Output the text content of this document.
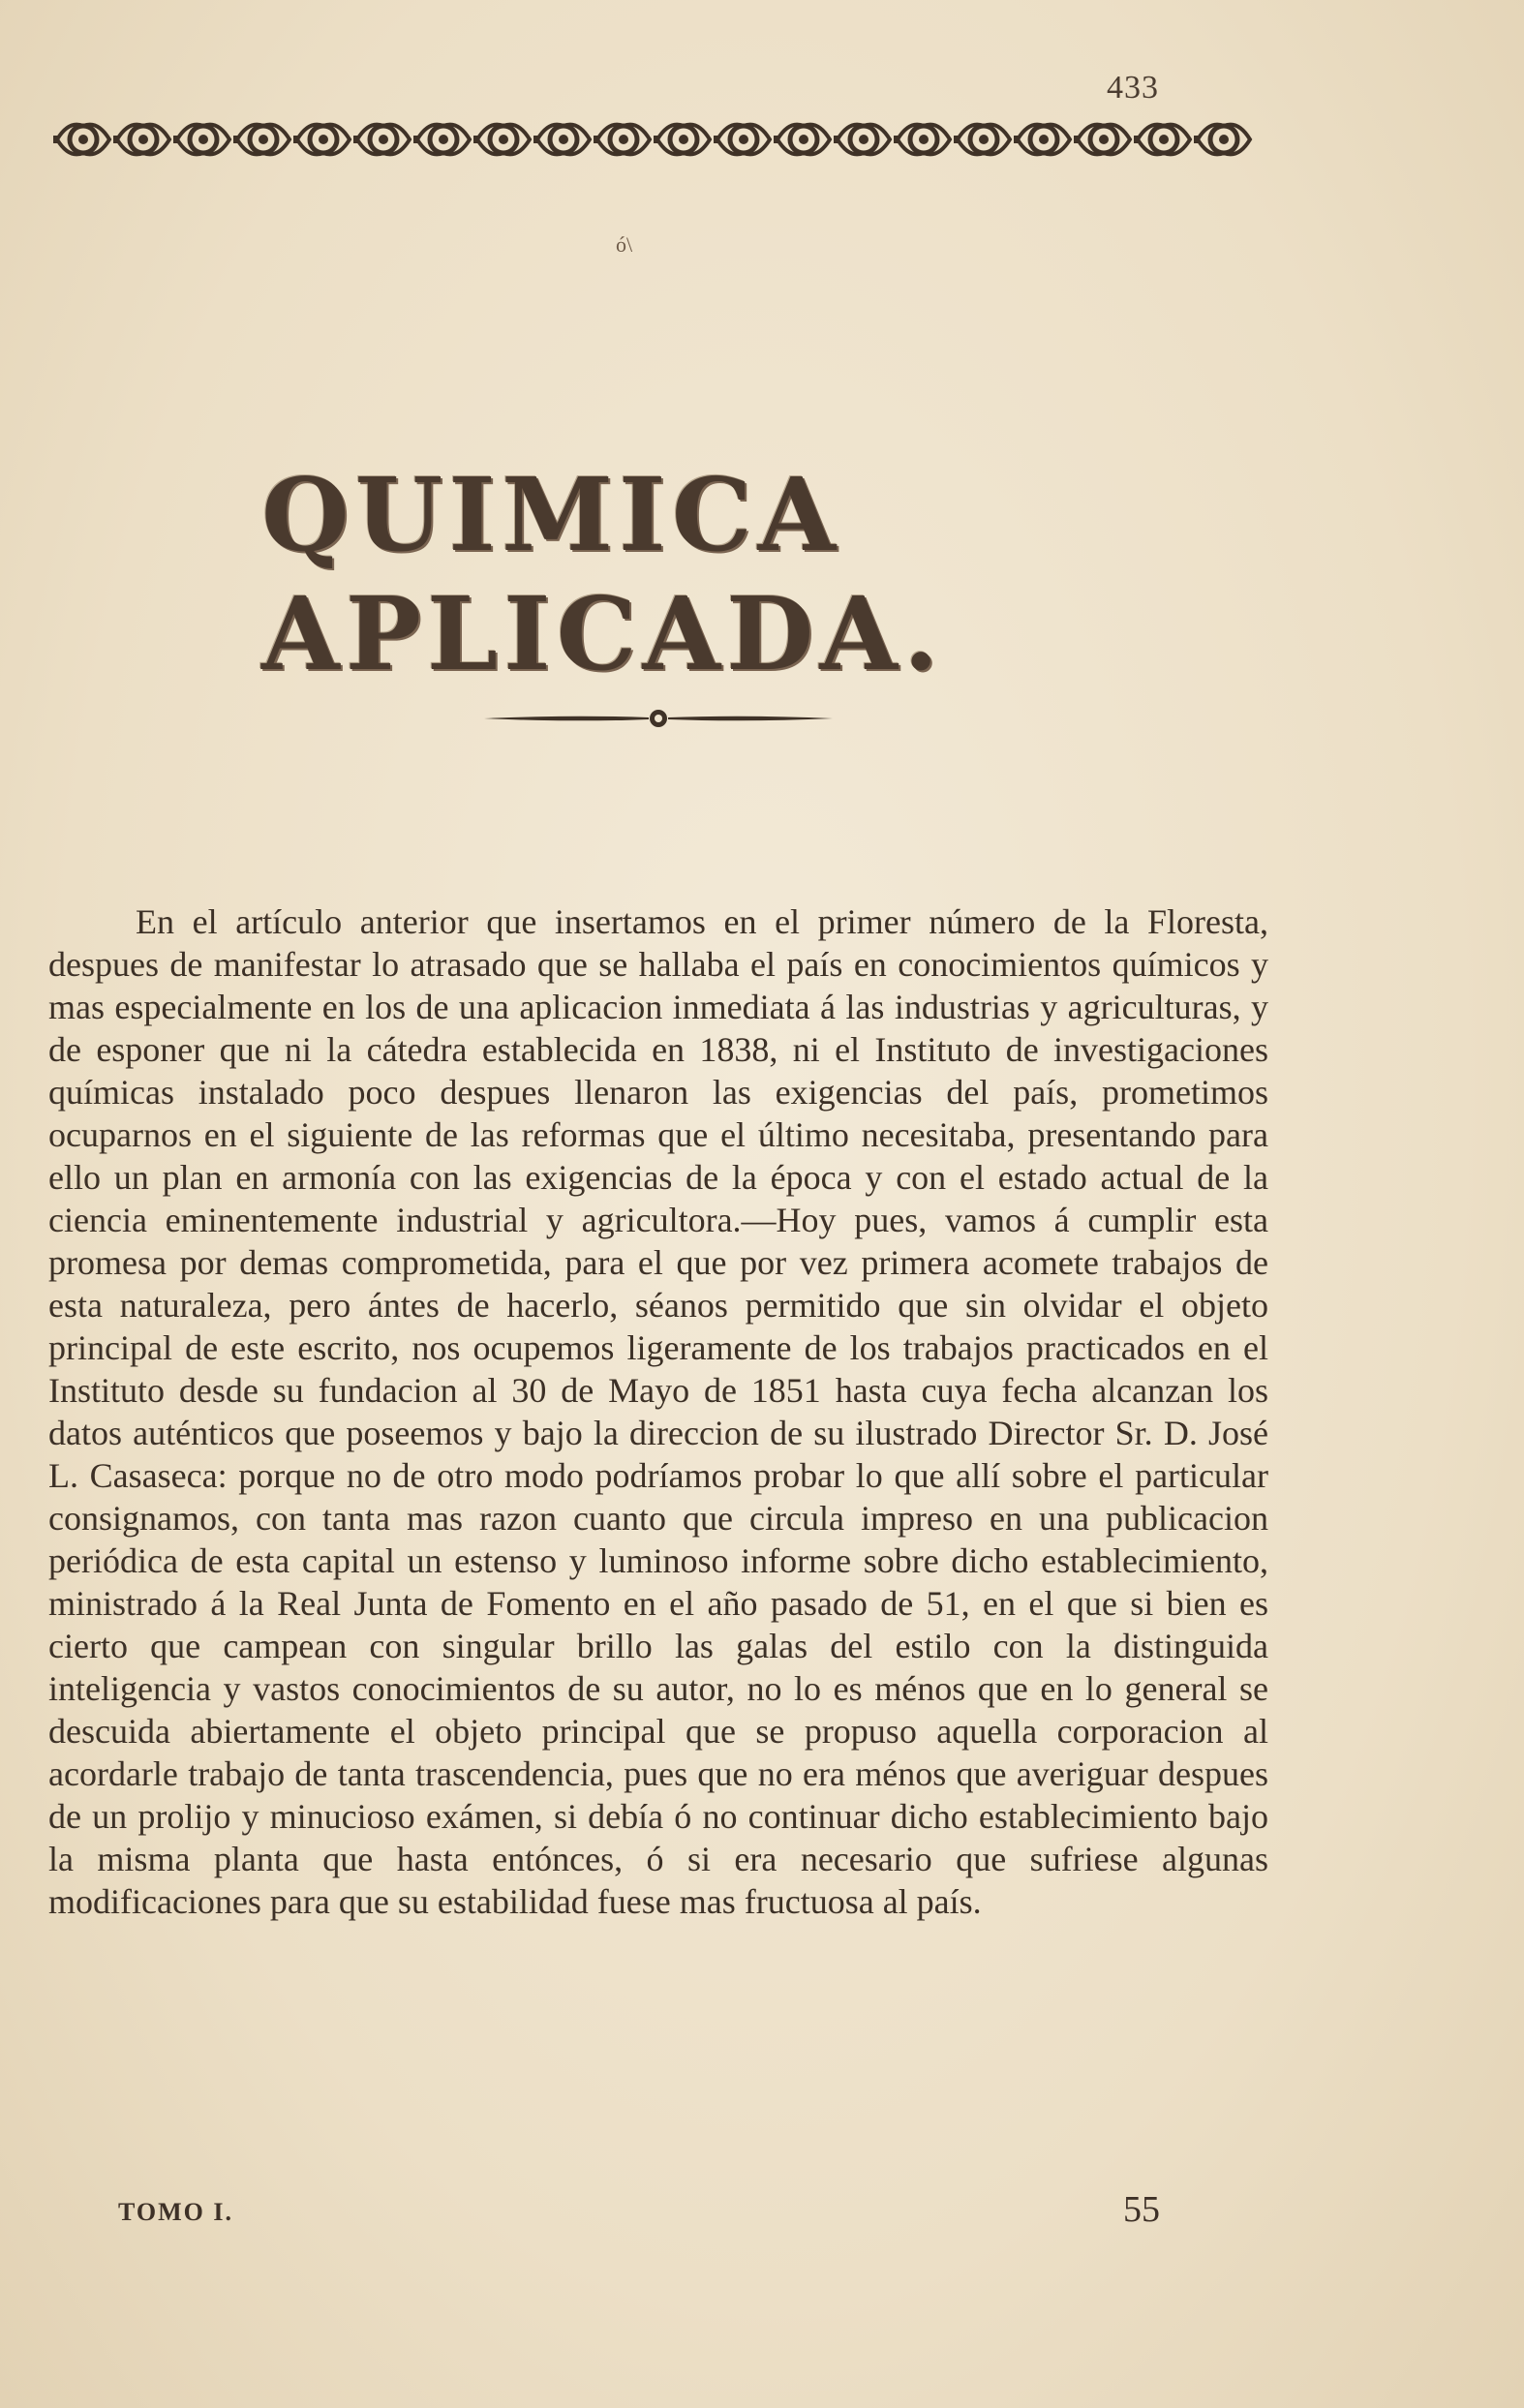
433
ó\
QUIMICA APLICADA.

En el artículo anterior que insertamos en el primer número de la Floresta, despues de manifestar lo atrasado que se hallaba el país en conocimientos químicos y mas especialmente en los de una aplicacion inmediata á las industrias y agriculturas, y de esponer que ni la cátedra establecida en 1838, ni el Instituto de investigaciones químicas instalado poco despues llenaron las exigencias del país, prometimos ocuparnos en el siguiente de las reformas que el último necesitaba, presentando para ello un plan en armonía con las exigencias de la época y con el estado actual de la ciencia eminentemente industrial y agricultora.—Hoy pues, vamos á cumplir esta promesa por demas comprometida, para el que por vez primera acomete trabajos de esta naturaleza, pero ántes de hacerlo, séanos permitido que sin olvidar el objeto principal de este escrito, nos ocupemos ligeramente de los trabajos practicados en el Instituto desde su fundacion al 30 de Mayo de 1851 hasta cuya fecha alcanzan los datos auténticos que poseemos y bajo la direccion de su ilustrado Director Sr. D. José L. Casaseca: porque no de otro modo podríamos probar lo que allí sobre el particular consignamos, con tanta mas razon cuanto que circula impreso en una publicacion periódica de esta capital un estenso y luminoso informe sobre dicho establecimiento, ministrado á la Real Junta de Fomento en el año pasado de 51, en el que si bien es cierto que campean con singular brillo las galas del estilo con la distinguida inteligencia y vastos conocimientos de su autor, no lo es ménos que en lo general se descuida abiertamente el objeto principal que se propuso aquella corporacion al acordarle trabajo de tanta trascendencia, pues que no era ménos que averiguar despues de un prolijo y minucioso exámen, si debía ó no continuar dicho establecimiento bajo la misma planta que hasta entónces, ó si era necesario que sufriese algunas modificaciones para que su estabilidad fuese mas fructuosa al país.

TOMO I.	55
